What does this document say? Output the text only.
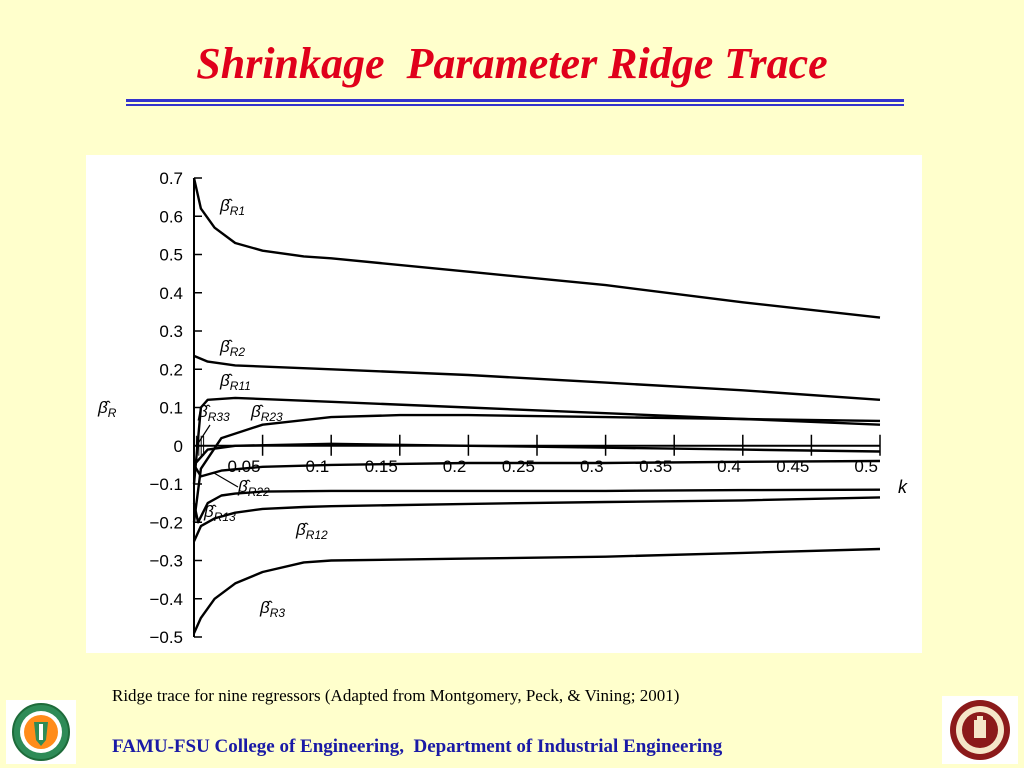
Shrinkage  Parameter Ridge Trace
0.7
0.6
0.5
0.4
0.3
0.2
0.1
0
−0.1
−0.2
−0.3
−0.4
−0.5
0.05	0.1 0.15	0.2 0.25	0.3 0.35	0.4 0.45	0.5
$\betâ_{R1}$
$\betâ_{R2}$
$\betâ_{R11}$
$\betâ_{R33}$ $\betâ_{R23}$
$\betâ_{R22}$
$\betâ_{R13}$
$\betâ_{R12}$
$\betâ_{R3}$
$\betâ_R$
k
Ridge trace for nine regressors (Adapted from Montgomery, Peck, & Vining; 2001)
FAMU-FSU College of Engineering,  Department of Industrial Engineering
